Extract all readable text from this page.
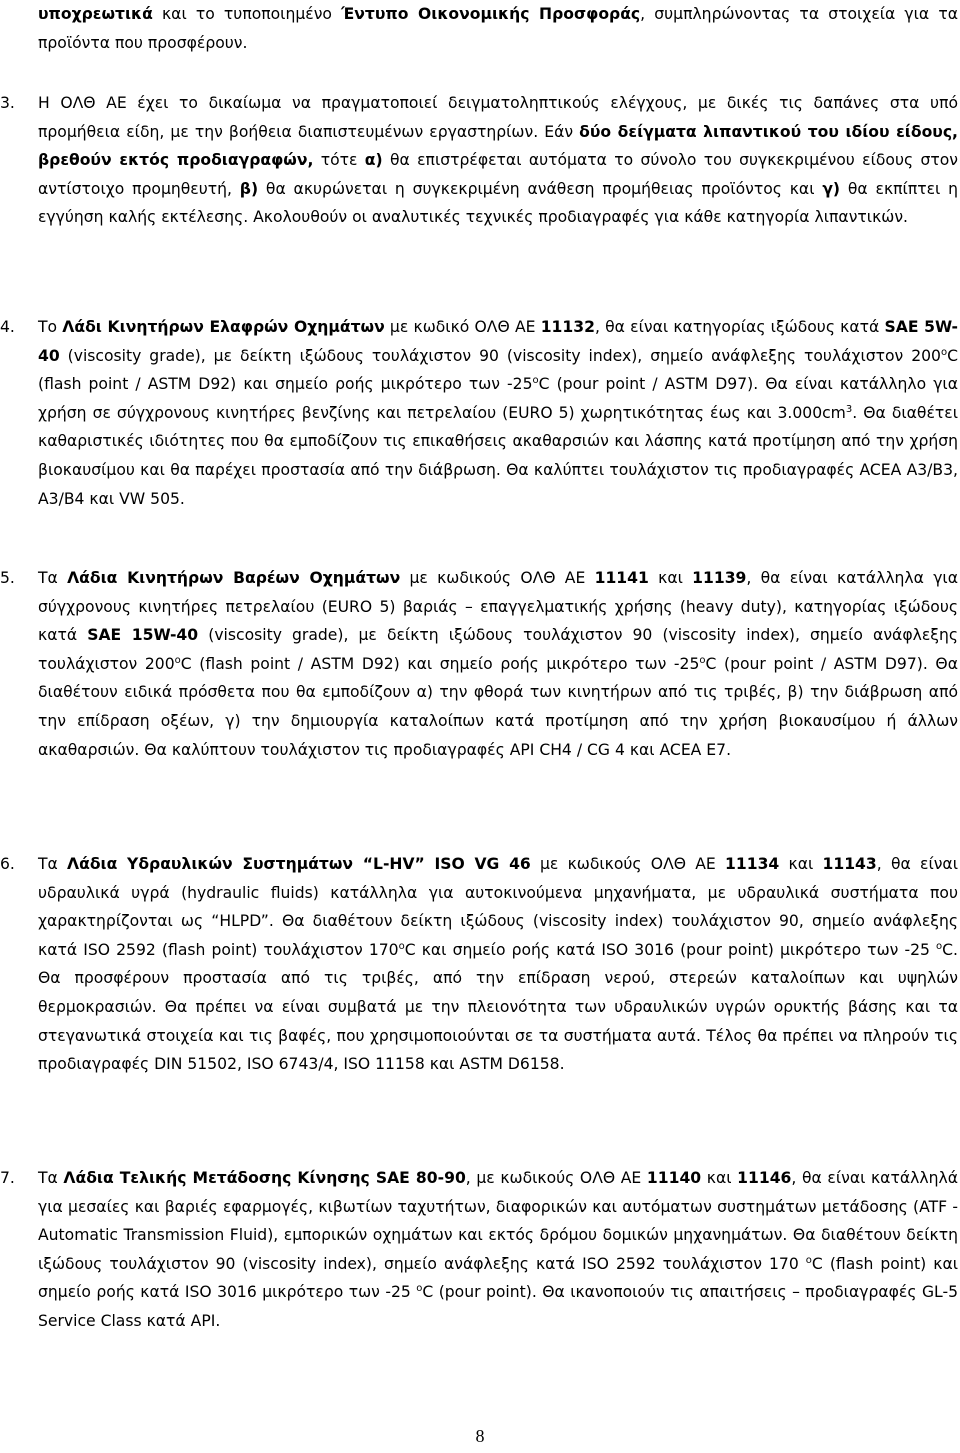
υποχρεωτικά και το τυποποιημένο Έντυπο Οικονομικής Προσφοράς, συμπληρώνοντας τα στοιχεία για τα προϊόντα που προσφέρουν.

3.	Η ΟΛΘ ΑΕ έχει το δικαίωμα να πραγματοποιεί δειγματοληπτικούς ελέγχους, με δικές τις δαπάνες στα υπό προμήθεια είδη, με την βοήθεια διαπιστευμένων εργαστηρίων. Εάν δύο δείγματα λιπαντικού του ιδίου είδους, βρεθούν εκτός προδιαγραφών, τότε α) θα επιστρέφεται αυτόματα το σύνολο του συγκεκριμένου είδους στον αντίστοιχο προμηθευτή, β) θα ακυρώνεται η συγκεκριμένη ανάθεση προμήθειας προϊόντος και γ) θα εκπίπτει η εγγύηση καλής εκτέλεσης. Ακολουθούν οι αναλυτικές τεχνικές προδιαγραφές για κάθε κατηγορία λιπαντικών.

4.	Το Λάδι Κινητήρων Ελαφρών Οχημάτων με κωδικό ΟΛΘ ΑΕ 11132, θα είναι κατηγορίας ιξώδους κατά SAE 5W-40 (viscosity grade), με δείκτη ιξώδους τουλάχιστον 90 (viscosity index), σημείο ανάφλεξης τουλάχιστον 200$^o$C (flash point / ASTM D92) και σημείο ροής μικρότερο των -25$^o$C (pour point / ASTM D97). Θα είναι κατάλληλο για χρήση σε σύγχρονους κινητήρες βενζίνης και πετρελαίου (EURO 5) χωρητικότητας έως και $3.000cm^3$. Θα διαθέτει καθαριστικές ιδιότητες που θα εμποδίζουν τις επικαθήσεις ακαθαρσιών και λάσπης κατά προτίμηση από την χρήση βιοκαυσίμου και θα παρέχει προστασία από την διάβρωση. Θα καλύπτει τουλάχιστον τις προδιαγραφές ACEA A3/B3, A3/B4 και VW 505.

5.	Τα Λάδια Κινητήρων Βαρέων Οχημάτων με κωδικούς ΟΛΘ ΑΕ 11141 και 11139, θα είναι κατάλληλα για σύγχρονους κινητήρες πετρελαίου (EURO 5) βαριάς – επαγγελματικής χρήσης (heavy duty), κατηγορίας ιξώδους κατά SAE 15W-40 (viscosity grade), με δείκτη ιξώδους τουλάχιστον 90 (viscosity index), σημείο ανάφλεξης τουλάχιστον 200$^o$C (flash point / ASTM D92) και σημείο ροής μικρότερο των -25$^o$C (pour point / ASTM D97). Θα διαθέτουν ειδικά πρόσθετα που θα εμποδίζουν α) την φθορά των κινητήρων από τις τριβές, β) την διάβρωση από την επίδραση οξέων, γ) την δημιουργία καταλοίπων κατά προτίμηση από την χρήση βιοκαυσίμου ή άλλων ακαθαρσιών. Θα καλύπτουν τουλάχιστον τις προδιαγραφές API CH4 / CG 4 και ACEA E7.

6.	Τα Λάδια Υδραυλικών Συστημάτων “L-HV” ISO VG 46 με κωδικούς ΟΛΘ ΑΕ 11134 και 11143, θα είναι υδραυλικά υγρά (hydraulic fluids) κατάλληλα για αυτοκινούμενα μηχανήματα, με υδραυλικά συστήματα που χαρακτηρίζονται ως “HLPD”. Θα διαθέτουν δείκτη ιξώδους (viscosity index) τουλάχιστον 90, σημείο ανάφλεξης κατά ISO 2592 (flash point) τουλάχιστον 170$^o$C και σημείο ροής κατά ISO 3016 (pour point) μικρότερο των -25 $^o$C. Θα προσφέρουν προστασία από τις τριβές, από την επίδραση νερού, στερεών καταλοίπων και υψηλών θερμοκρασιών. Θα πρέπει να είναι συμβατά με την πλειονότητα των υδραυλικών υγρών ορυκτής βάσης και τα στεγανωτικά στοιχεία και τις βαφές, που χρησιμοποιούνται σε τα συστήματα αυτά. Τέλος θα πρέπει να πληρούν τις προδιαγραφές DIN 51502, ISO 6743/4, ISO 11158 και ASTM D6158.

7.	Τα Λάδια Τελικής Μετάδοσης Κίνησης SAE 80-90, με κωδικούς ΟΛΘ ΑΕ 11140 και 11146, θα είναι κατάλληλά για μεσαίες και βαριές εφαρμογές, κιβωτίων ταχυτήτων, διαφορικών και αυτόματων συστημάτων μετάδοσης (ATF - Automatic Transmission Fluid), εμπορικών οχημάτων και εκτός δρόμου δομικών μηχανημάτων. Θα διαθέτουν δείκτη ιξώδους τουλάχιστον 90 (viscosity index), σημείο ανάφλεξης κατά ISO 2592 τουλάχιστον 170 $^o$C (flash point) και σημείο ροής κατά ISO 3016 μικρότερο των -25 $^o$C (pour point). Θα ικανοποιούν τις απαιτήσεις – προδιαγραφές GL-5 Service Class κατά API.

8
